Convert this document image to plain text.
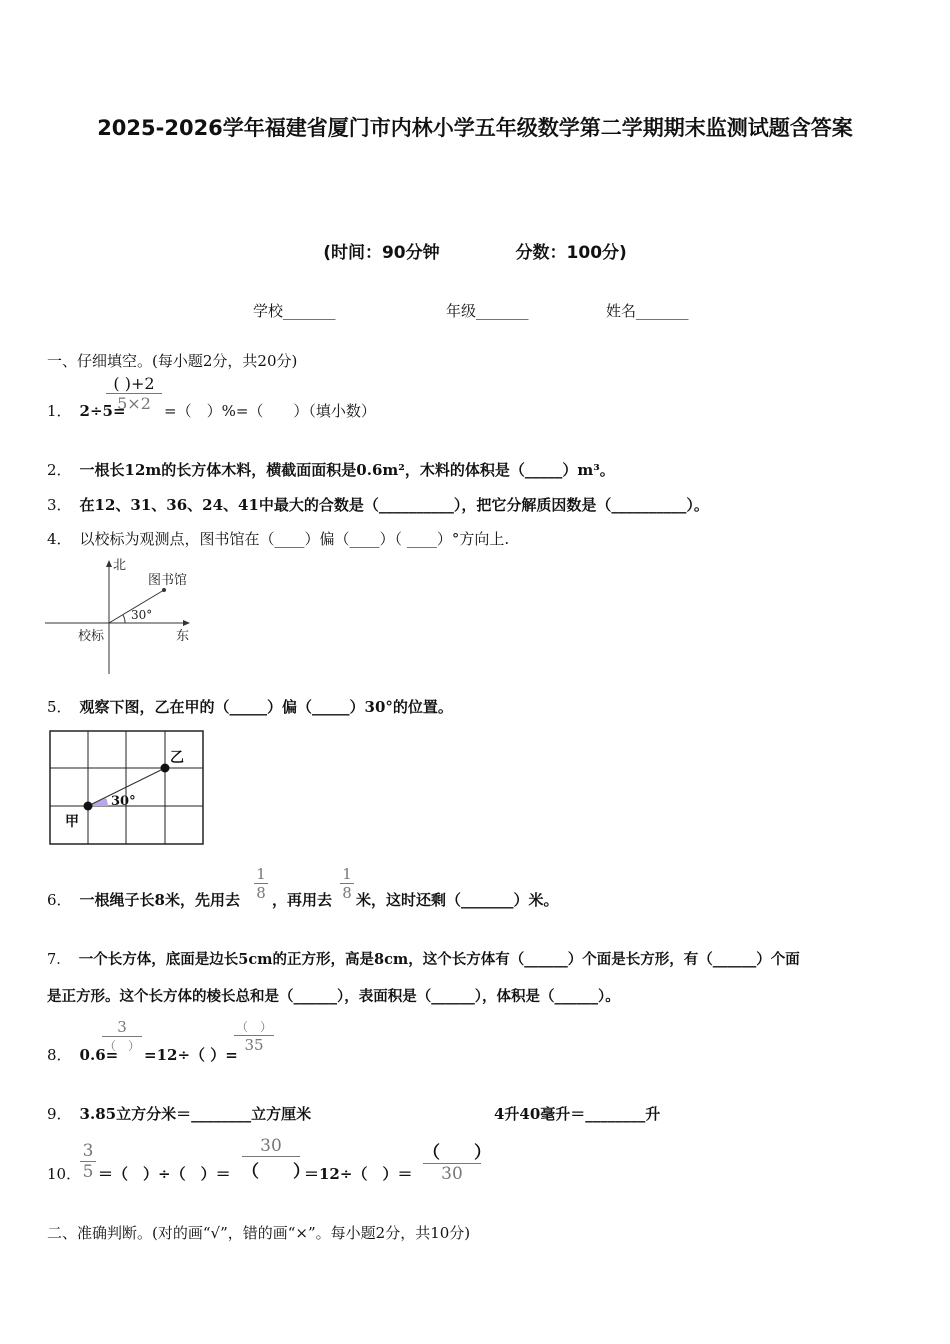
2025-2026学年福建省厦门市内林小学五年级数学第二学期期末监测试题含答案
(时间：90分钟	分数：100分)
学校_______	年级_______	姓名_______
一、仔细填空。(每小题2分，共20分)
1． 2÷5=
( )+2
5×2 =（　）%=（　　）（填小数）
2． 一根长12m的长方体木料，横截面面积是0.6m²，木料的体积是（_____）m³。
3． 在12、31、36、24、41中最大的合数是（__________），把它分解质因数是（__________）。
4． 以校标为观测点，图书馆在（____）偏（____）（ ____）°方向上.
北
东
校标
图书馆
30°
5． 观察下图，乙在甲的（_____）偏（_____）30°的位置。
甲
乙
30°
6． 一根绳子长8米，先用去
1
8 ，再用去
1
8 米，这时还剩（_______）米。
7． 一个长方体，底面是边长5cm的正方形，高是8cm，这个长方体有（______）个面是长方形，有（______）个面
是正方形。这个长方体的棱长总和是（______），表面积是（______），体积是（______）。
8． 0.6=
3
（　） =12÷（ ）=
（　）
35
9． 3.85立方分米＝________立方厘米	4升40毫升＝________升
10．
3
5 ＝（　）÷（　）＝
30
（　　）
＝12÷（　）＝
（　　）
30
二、准确判断。(对的画“√”，错的画“×”。每小题2分，共10分)
